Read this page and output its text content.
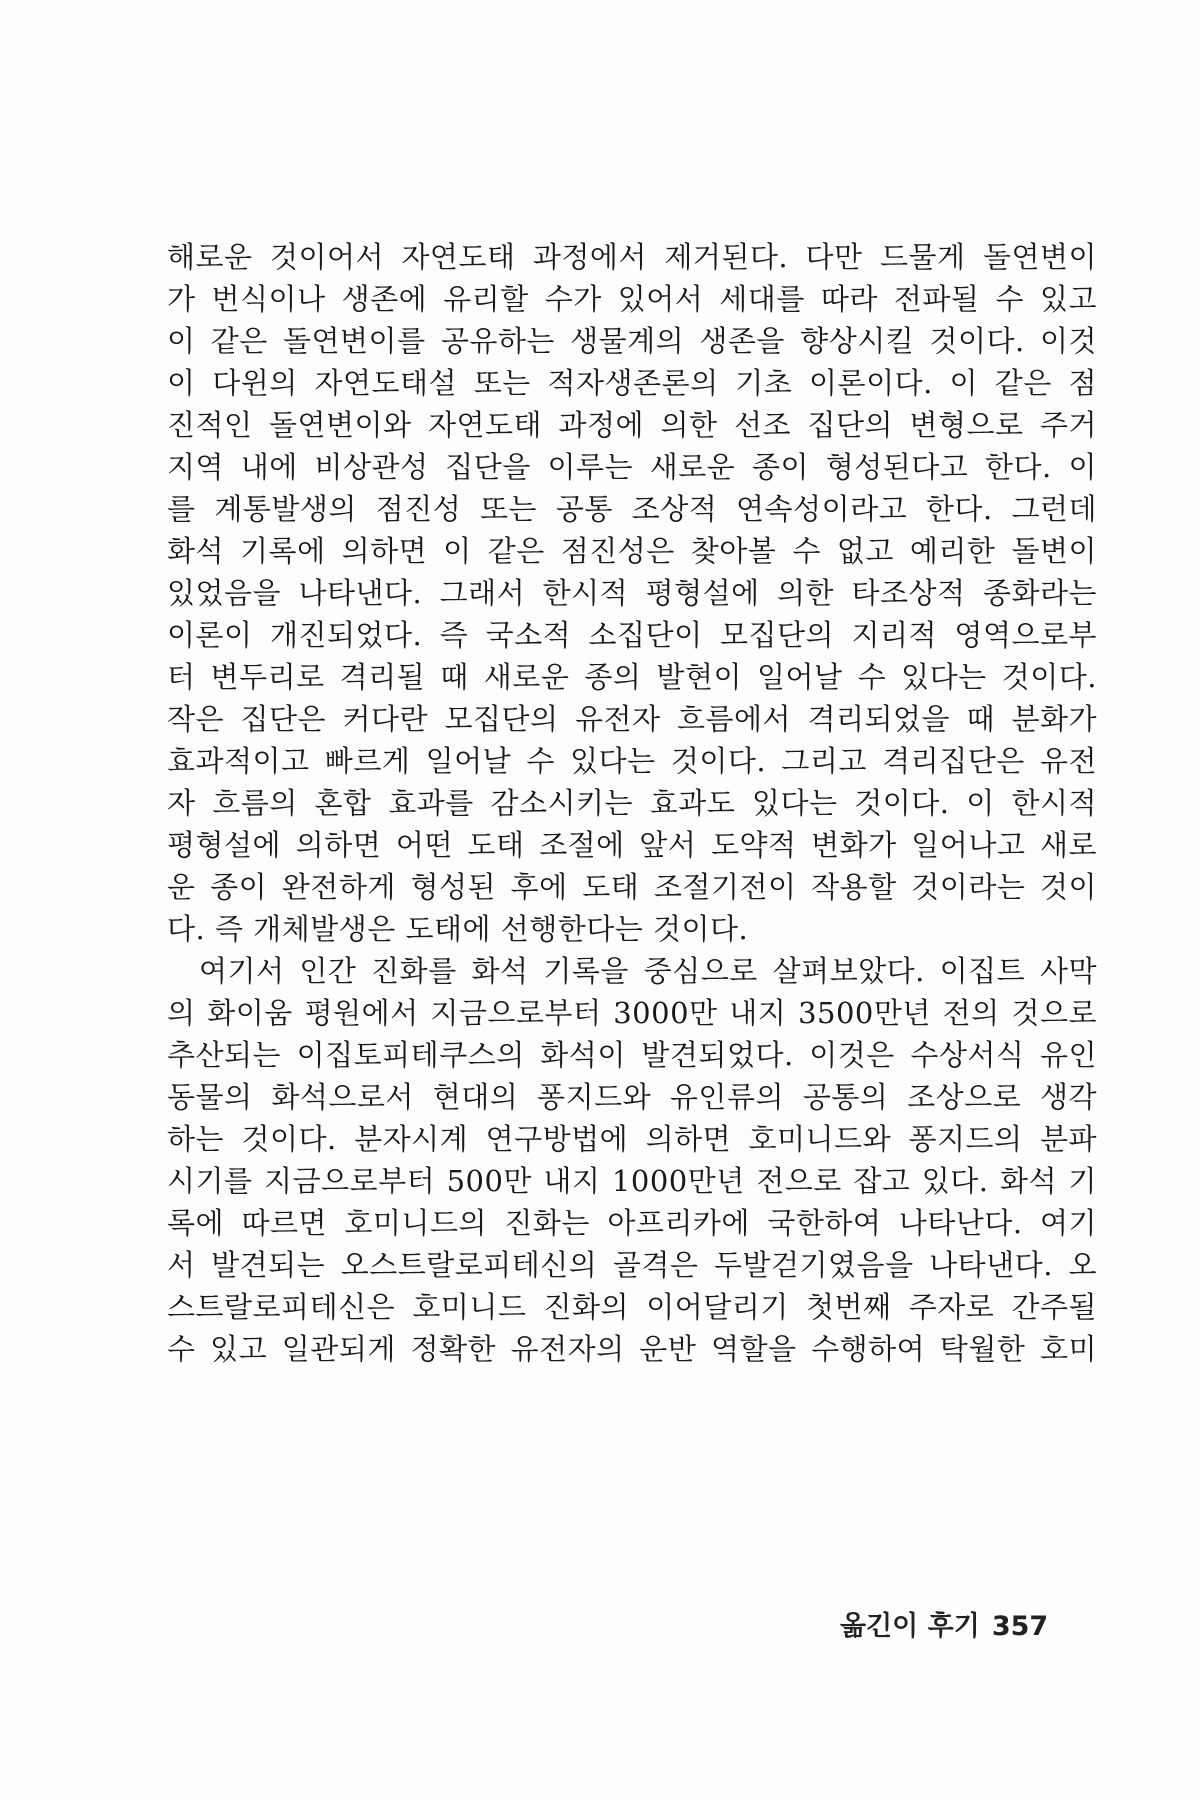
해로운 것이어서 자연도태 과정에서 제거된다. 다만 드물게 돌연변이
가 번식이나 생존에 유리할 수가 있어서 세대를 따라 전파될 수 있고
이 같은 돌연변이를 공유하는 생물계의 생존을 향상시킬 것이다. 이것
이 다윈의 자연도태설 또는 적자생존론의 기초 이론이다. 이 같은 점
진적인 돌연변이와 자연도태 과정에 의한 선조 집단의 변형으로 주거
지역 내에 비상관성 집단을 이루는 새로운 종이 형성된다고 한다. 이
를 계통발생의 점진성 또는 공통 조상적 연속성이라고 한다. 그런데
화석 기록에 의하면 이 같은 점진성은 찾아볼 수 없고 예리한 돌변이
있었음을 나타낸다. 그래서 한시적 평형설에 의한 타조상적 종화라는
이론이 개진되었다. 즉 국소적 소집단이 모집단의 지리적 영역으로부
터 변두리로 격리될 때 새로운 종의 발현이 일어날 수 있다는 것이다.
작은 집단은 커다란 모집단의 유전자 흐름에서 격리되었을 때 분화가
효과적이고 빠르게 일어날 수 있다는 것이다. 그리고 격리집단은 유전
자 흐름의 혼합 효과를 감소시키는 효과도 있다는 것이다. 이 한시적
평형설에 의하면 어떤 도태 조절에 앞서 도약적 변화가 일어나고 새로
운 종이 완전하게 형성된 후에 도태 조절기전이 작용할 것이라는 것이
다. 즉 개체발생은 도태에 선행한다는 것이다.
여기서 인간 진화를 화석 기록을 중심으로 살펴보았다. 이집트 사막
의 화이움 평원에서 지금으로부터 3000만 내지 3500만년 전의 것으로
추산되는 이집토피테쿠스의 화석이 발견되었다. 이것은 수상서식 유인
동물의 화석으로서 현대의 퐁지드와 유인류의 공통의 조상으로 생각
하는 것이다. 분자시계 연구방법에 의하면 호미니드와 퐁지드의 분파
시기를 지금으로부터 500만 내지 1000만년 전으로 잡고 있다. 화석 기
록에 따르면 호미니드의 진화는 아프리카에 국한하여 나타난다. 여기
서 발견되는 오스트랄로피테신의 골격은 두발걷기였음을 나타낸다. 오
스트랄로피테신은 호미니드 진화의 이어달리기 첫번째 주자로 간주될
수 있고 일관되게 정확한 유전자의 운반 역할을 수행하여 탁월한 호미
옮긴이 후기 357
